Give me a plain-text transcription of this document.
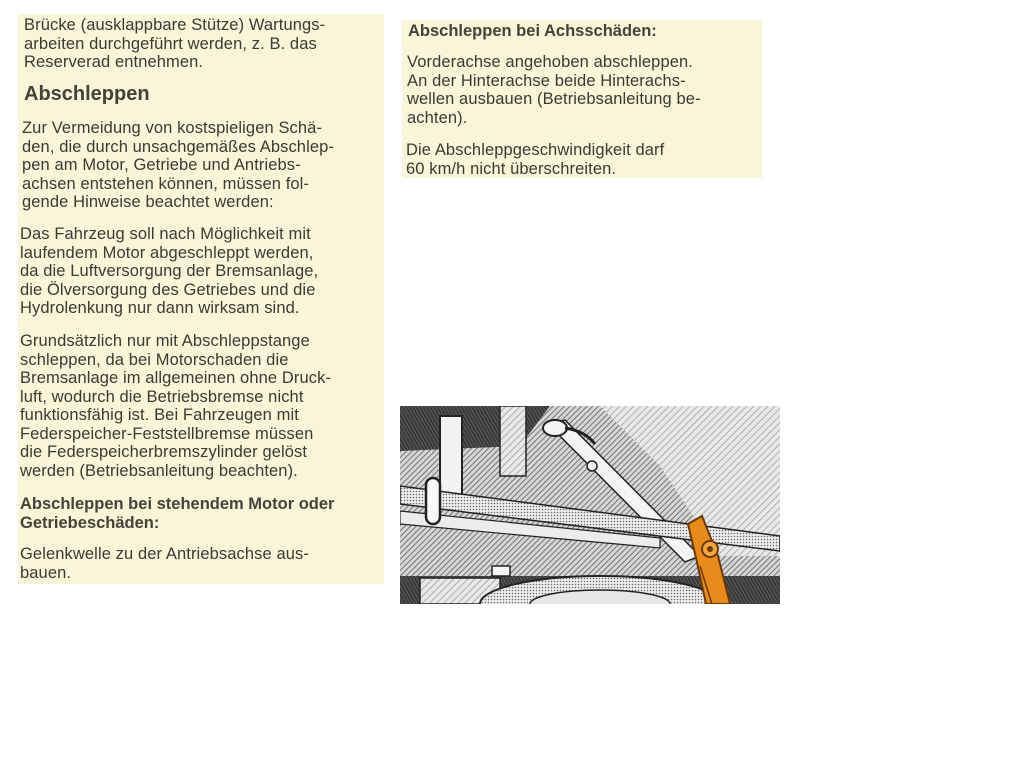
Brücke (ausklappbare Stütze) Wartungs-
arbeiten durchgeführt werden, z. B. das
Reserverad entnehmen.
Abschleppen
Zur Vermeidung von kostspieligen Schä-
den, die durch unsachgemäßes Abschlep-
pen am Motor, Getriebe und Antriebs-
achsen entstehen können, müssen fol-
gende Hinweise beachtet werden:
Das Fahrzeug soll nach Möglichkeit mit
laufendem Motor abgeschleppt werden,
da die Luftversorgung der Bremsanlage,
die Ölversorgung des Getriebes und die
Hydrolenkung nur dann wirksam sind.
Grundsätzlich nur mit Abschleppstange
schleppen, da bei Motorschaden die
Bremsanlage im allgemeinen ohne Druck-
luft, wodurch die Betriebsbremse nicht
funktionsfähig ist. Bei Fahrzeugen mit
Federspeicher-Feststellbremse müssen
die Federspeicherbremszylinder gelöst
werden (Betriebsanleitung beachten).
Abschleppen bei stehendem Motor oder
Getriebeschäden:
Gelenkwelle zu der Antriebsachse aus-
bauen.
Abschleppen bei Achsschäden:
Vorderachse angehoben abschleppen.
An der Hinterachse beide Hinterachs-
wellen ausbauen (Betriebsanleitung be-
achten).
Die Abschleppgeschwindigkeit darf
60 km/h nicht überschreiten.
